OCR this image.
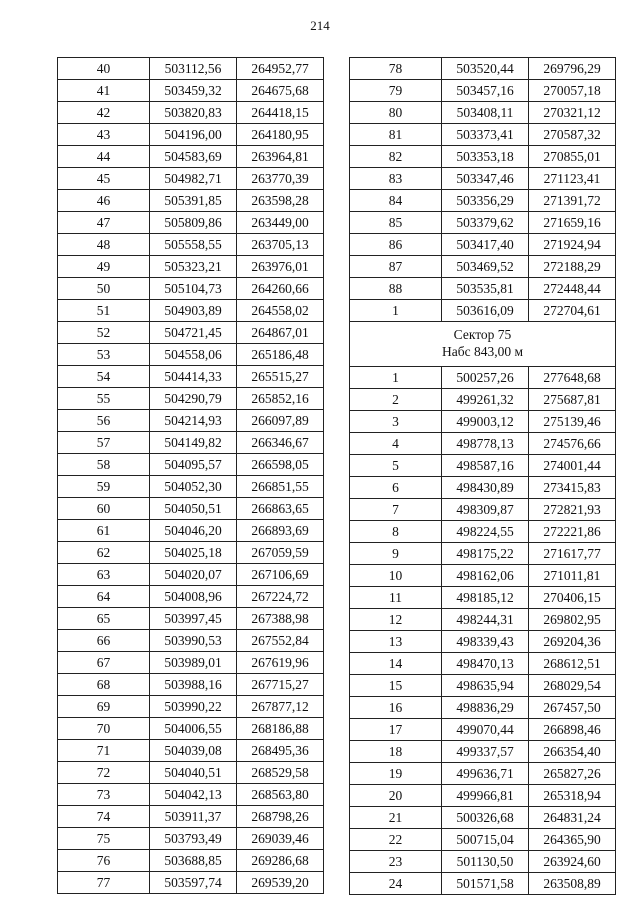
214
40	503112,56	264952,77
41	503459,32	264675,68
42	503820,83	264418,15
43	504196,00	264180,95
44	504583,69	263964,81
45	504982,71	263770,39
46	505391,85	263598,28
47	505809,86	263449,00
48	505558,55	263705,13
49	505323,21	263976,01
50	505104,73	264260,66
51	504903,89	264558,02
52	504721,45	264867,01
53	504558,06	265186,48
54	504414,33	265515,27
55	504290,79	265852,16
56	504214,93	266097,89
57	504149,82	266346,67
58	504095,57	266598,05
59	504052,30	266851,55
60	504050,51	266863,65
61	504046,20	266893,69
62	504025,18	267059,59
63	504020,07	267106,69
64	504008,96	267224,72
65	503997,45	267388,98
66	503990,53	267552,84
67	503989,01	267619,96
68	503988,16	267715,27
69	503990,22	267877,12
70	504006,55	268186,88
71	504039,08	268495,36
72	504040,51	268529,58
73	504042,13	268563,80
74	503911,37	268798,26
75	503793,49	269039,46
76	503688,85	269286,68
77	503597,74	269539,20
78	503520,44	269796,29
79	503457,16	270057,18
80	503408,11	270321,12
81	503373,41	270587,32
82	503353,18	270855,01
83	503347,46	271123,41
84	503356,29	271391,72
85	503379,62	271659,16
86	503417,40	271924,94
87	503469,52	272188,29
88	503535,81	272448,44
1	503616,09	272704,61
Сектор 75
Набс 843,00 м		
1	500257,26	277648,68
2	499261,32	275687,81
3	499003,12	275139,46
4	498778,13	274576,66
5	498587,16	274001,44
6	498430,89	273415,83
7	498309,87	272821,93
8	498224,55	272221,86
9	498175,22	271617,77
10	498162,06	271011,81
11	498185,12	270406,15
12	498244,31	269802,95
13	498339,43	269204,36
14	498470,13	268612,51
15	498635,94	268029,54
16	498836,29	267457,50
17	499070,44	266898,46
18	499337,57	266354,40
19	499636,71	265827,26
20	499966,81	265318,94
21	500326,68	264831,24
22	500715,04	264365,90
23	501130,50	263924,60
24	501571,58	263508,89
